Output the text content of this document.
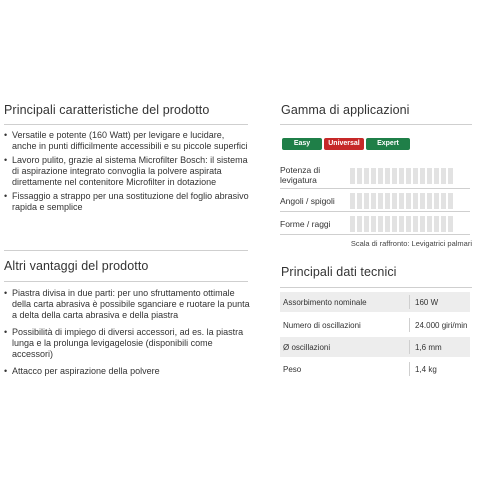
Principali caratteristiche del prodotto
• Versatile e potente (160 Watt) per levigare e lucidare, anche in punti difficilmente accessibili e su piccole superfici
• Lavoro pulito, grazie al sistema Microfilter Bosch: il sistema di aspirazione integrato convoglia la polvere aspirata direttamente nel contenitore Microfilter in dotazione
• Fissaggio a strappo per una sostituzione del foglio abrasivo rapida e semplice
Altri vantaggi del prodotto
• Piastra divisa in due parti: per uno sfruttamento ottimale della carta abrasiva è possibile sganciare e ruotare la punta a delta della carta abrasiva e della piastra
• Possibilità di impiego di diversi accessori, ad es. la piastra lunga e la prolunga levigagelosie (disponibili come accessori)
• Attacco per aspirazione della polvere
Gamma di applicazioni
Easy	Universal	Expert
Potenza di levigatura
Angoli / spigoli
Forme / raggi
Scala di raffronto: Levigatrici palmari
Principali dati tecnici
Assorbimento nominale	160 W
Numero di oscillazioni	24.000 giri/min
Ø oscillazioni	1,6 mm
Peso	1,4 kg
